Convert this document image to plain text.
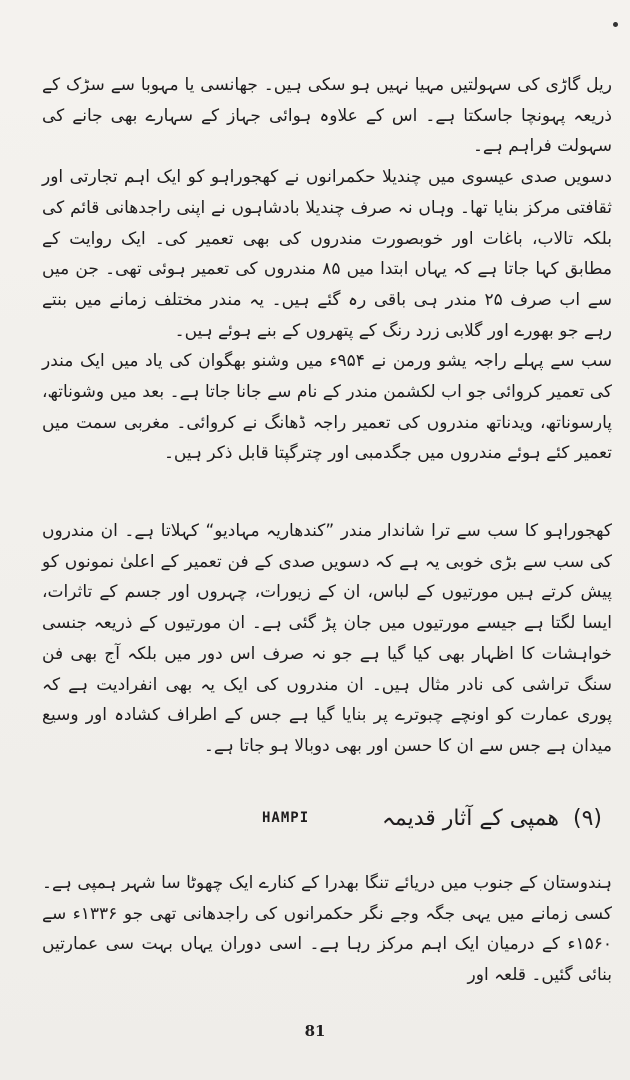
ریل گاڑی کی سہولتیں مہیا نہیں ہو سکی ہیں۔ جھانسی یا مہوبا سے سڑک کے ذریعہ پہونچا جاسکتا ہے۔ اس کے علاوہ ہوائی جہاز کے سہارے بھی جانے کی سہولت فراہم ہے۔
دسویں صدی عیسوی میں چندیلا حکمرانوں نے کھجوراہو کو ایک اہم تجارتی اور ثقافتی مرکز بنایا تھا۔ وہاں نہ صرف چندیلا بادشاہوں نے اپنی راجدھانی قائم کی بلکہ تالاب، باغات اور خوبصورت مندروں کی بھی تعمیر کی۔ ایک روایت کے مطابق کہا جاتا ہے کہ یہاں ابتدا میں ۸۵ مندروں کی تعمیر ہوئی تھی۔ جن میں سے اب صرف ۲۵ مندر ہی باقی رہ گئے ہیں۔ یہ مندر مختلف زمانے میں بنتے رہے جو بھورے اور گلابی زرد رنگ کے پتھروں کے بنے ہوئے ہیں۔
سب سے پہلے راجہ یشو ورمن نے ۹۵۴ء میں وشنو بھگوان کی یاد میں ایک مندر کی تعمیر کروائی جو اب لکشمن مندر کے نام سے جانا جاتا ہے۔ بعد میں وشوناتھ، پارسوناتھ، ویدناتھ مندروں کی تعمیر راجہ ڈھانگ نے کروائی۔ مغربی سمت میں تعمیر کئے ہوئے مندروں میں جگدمبی اور چترگپتا قابل ذکر ہیں۔
کھجوراہو کا سب سے ترا شاندار مندر ”کندھاریہ مہادیو“ کہلاتا ہے۔ ان مندروں کی سب سے بڑی خوبی یہ ہے کہ دسویں صدی کے فن تعمیر کے اعلیٰ نمونوں کو پیش کرتے ہیں مورتیوں کے لباس، ان کے زیورات، چہروں اور جسم کے تاثرات، ایسا لگتا ہے جیسے مورتیوں میں جان پڑ گئی ہے۔ ان مورتیوں کے ذریعہ جنسی خواہشات کا اظہار بھی کیا گیا ہے جو نہ صرف اس دور میں بلکہ آج بھی فن سنگ تراشی کی نادر مثال ہیں۔ ان مندروں کی ایک یہ بھی انفرادیت ہے کہ پوری عمارت کو اونچے چبوترے پر بنایا گیا ہے جس کے اطراف کشادہ اور وسیع میدان ہے جس سے ان کا حسن اور بھی دوبالا ہو جاتا ہے۔
(۹)
ھمپی کے آثار قدیمہ
HAMPI
ہندوستان کے جنوب میں دریائے تنگا بھدرا کے کنارے ایک چھوٹا سا شہر ہمپی ہے۔ کسی زمانے میں یہی جگہ وجے نگر حکمرانوں کی راجدھانی تھی جو ۱۳۳۶ء سے ۱۵۶۰ء کے درمیان ایک اہم مرکز رہا ہے۔ اسی دوران یہاں بہت سی عمارتیں بنائی گئیں۔ قلعہ اور
81
